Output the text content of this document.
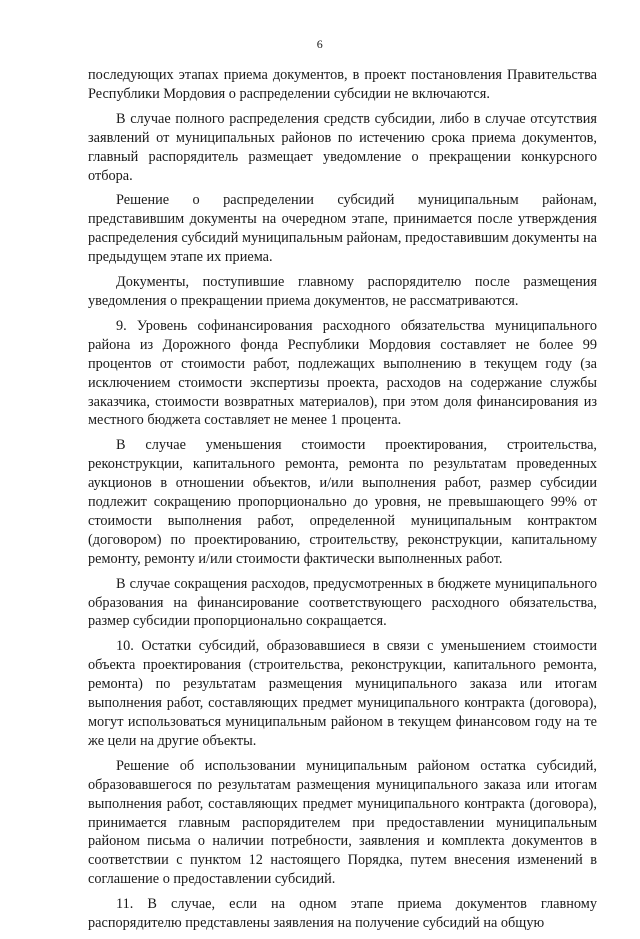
6

последующих этапах приема документов, в проект постановления Правительства Республики Мордовия о распределении субсидии не включаются.

В случае полного распределения средств субсидии, либо в случае отсутствия заявлений от муниципальных районов по истечению срока приема документов, главный распорядитель размещает уведомление о прекращении конкурсного отбора.

Решение о распределении субсидий муниципальным районам, представившим документы на очередном этапе, принимается после утверждения распределения субсидий муниципальным районам, предоставившим документы на предыдущем этапе их приема.

Документы, поступившие главному распорядителю после размещения уведомления о прекращении приема документов, не рассматриваются.

9. Уровень софинансирования расходного обязательства муниципального района из Дорожного фонда Республики Мордовия составляет не более 99 процентов от стоимости работ, подлежащих выполнению в текущем году (за исключением стоимости экспертизы проекта, расходов на содержание службы заказчика, стоимости возвратных материалов), при этом доля финансирования из местного бюджета составляет не менее 1 процента.

В случае уменьшения стоимости проектирования, строительства, реконструкции, капитального ремонта, ремонта по результатам проведенных аукционов в отношении объектов, и/или выполнения работ, размер субсидии подлежит сокращению пропорционально до уровня, не превышающего 99% от стоимости выполнения работ, определенной муниципальным контрактом (договором) по проектированию, строительству, реконструкции, капитальному ремонту, ремонту и/или стоимости фактически выполненных работ.

В случае сокращения расходов, предусмотренных в бюджете муниципального образования на финансирование соответствующего расходного обязательства, размер субсидии пропорционально сокращается.

10. Остатки субсидий, образовавшиеся в связи с уменьшением стоимости объекта проектирования (строительства, реконструкции, капитального ремонта, ремонта) по результатам размещения муниципального заказа или итогам выполнения работ, составляющих предмет муниципального контракта (договора), могут использоваться муниципальным районом в текущем финансовом году на те же цели на другие объекты.

Решение об использовании муниципальным районом остатка субсидий, образовавшегося по результатам размещения муниципального заказа или итогам выполнения работ, составляющих предмет муниципального контракта (договора), принимается главным распорядителем при предоставлении муниципальным районом письма о наличии потребности, заявления и комплекта документов в соответствии с пунктом 12 настоящего Порядка, путем внесения изменений в соглашение о предоставлении субсидий.

11. В случае, если на одном этапе приема документов главному распорядителю представлены заявления на получение субсидий на общую
